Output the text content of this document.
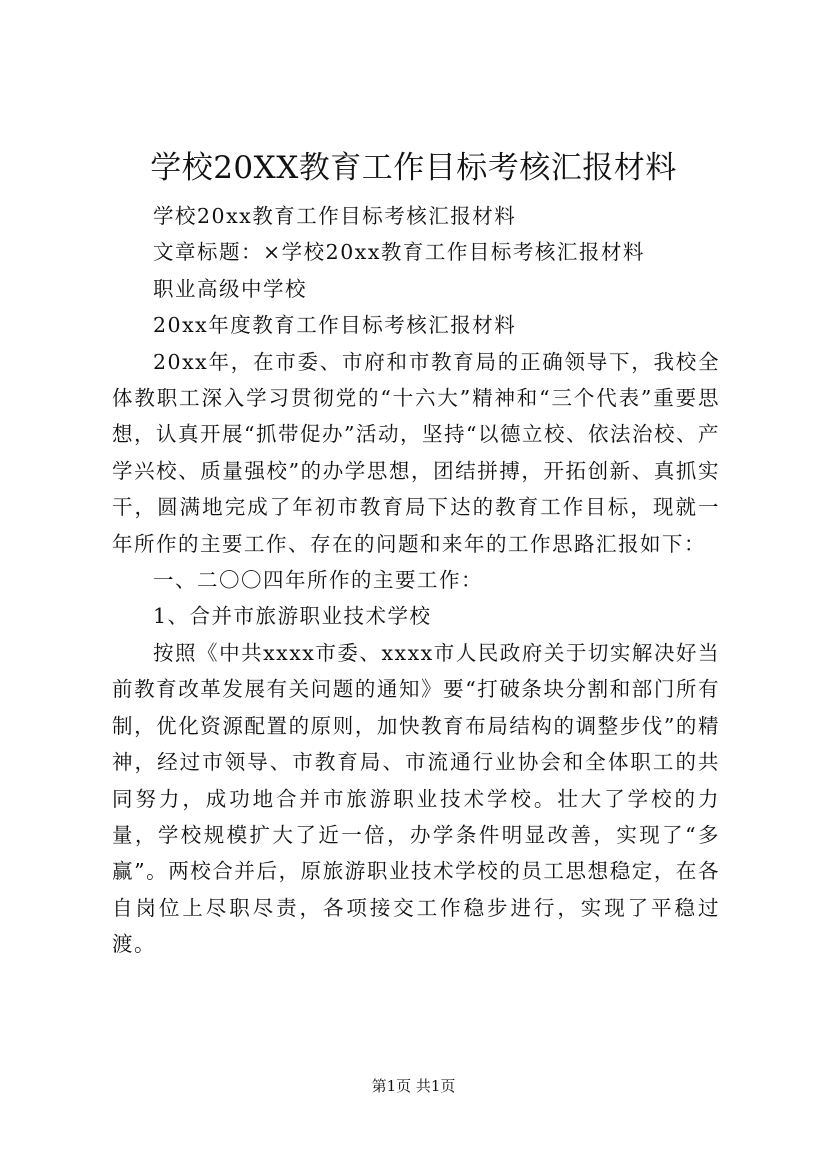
学校20XX教育工作目标考核汇报材料

学校20xx教育工作目标考核汇报材料

文章标题：×学校20xx教育工作目标考核汇报材料

职业高级中学校

20xx年度教育工作目标考核汇报材料

20xx年，在市委、市府和市教育局的正确领导下，我校全体教职工深入学习贯彻党的“十六大”精神和“三个代表”重要思想，认真开展“抓带促办”活动，坚持“以德立校、依法治校、产学兴校、质量强校”的办学思想，团结拼搏，开拓创新、真抓实干，圆满地完成了年初市教育局下达的教育工作目标，现就一年所作的主要工作、存在的问题和来年的工作思路汇报如下：

一、二〇〇四年所作的主要工作：

1、合并市旅游职业技术学校

按照《中共xxxx市委、xxxx市人民政府关于切实解决好当前教育改革发展有关问题的通知》要“打破条块分割和部门所有制，优化资源配置的原则，加快教育布局结构的调整步伐”的精神，经过市领导、市教育局、市流通行业协会和全体职工的共同努力，成功地合并市旅游职业技术学校。壮大了学校的力量，学校规模扩大了近一倍，办学条件明显改善，实现了“多赢”。两校合并后，原旅游职业技术学校的员工思想稳定，在各自岗位上尽职尽责，各项接交工作稳步进行，实现了平稳过渡。

第1页 共1页
